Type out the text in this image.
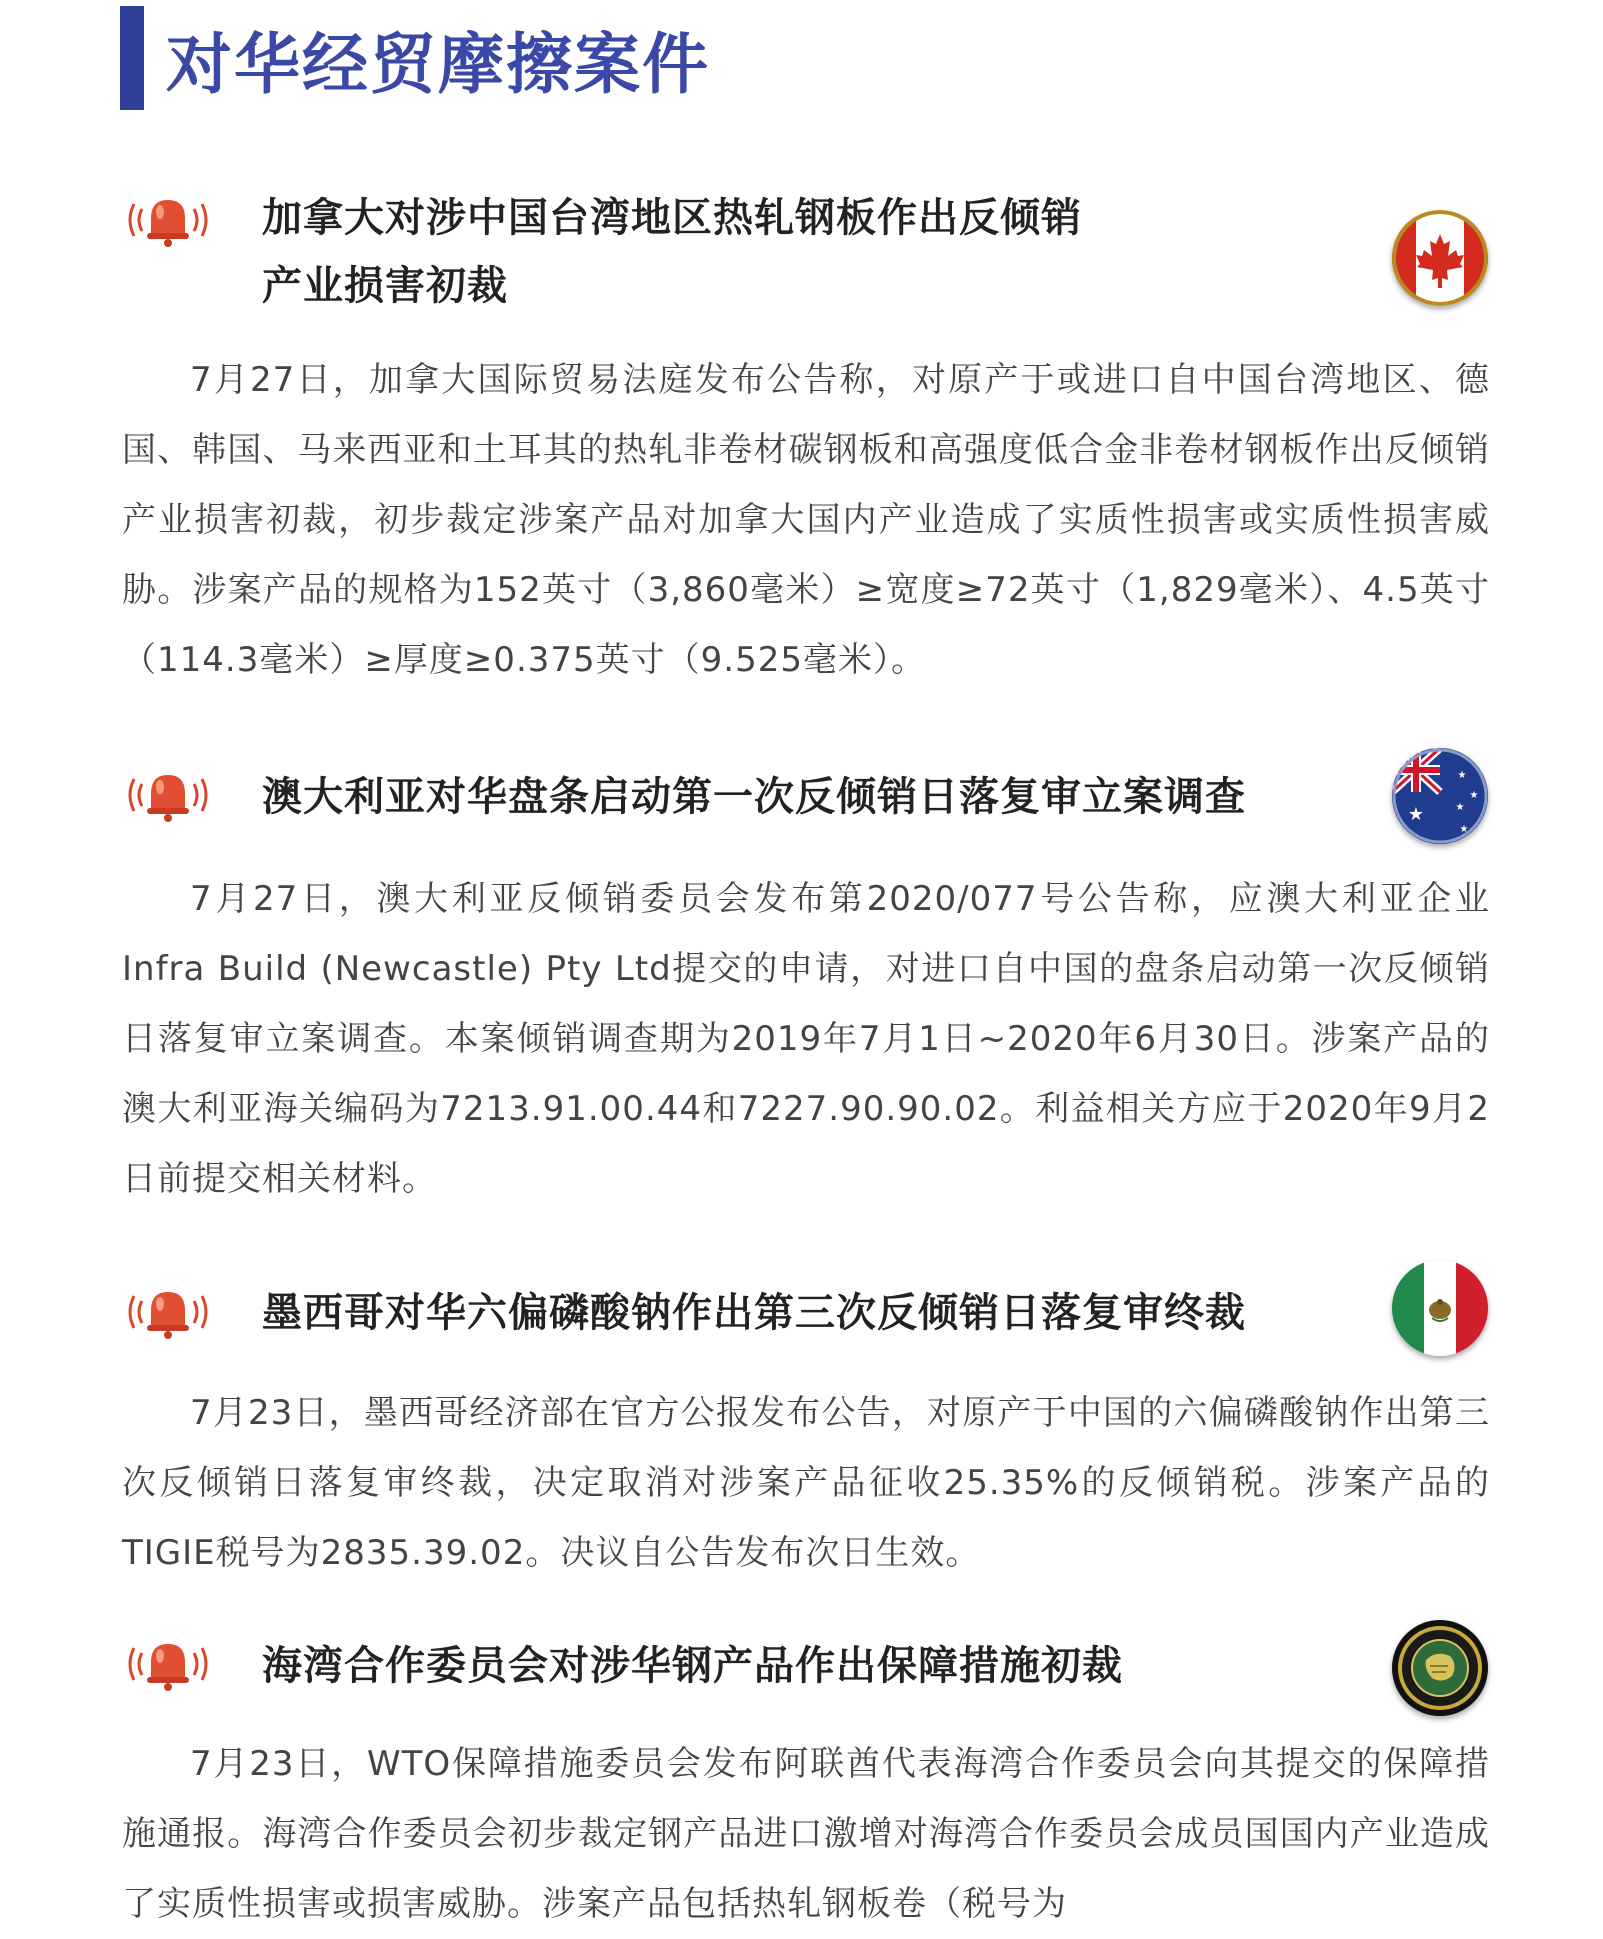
对华经贸摩擦案件
加拿大对涉中国台湾地区热轧钢板作出反倾销
产业损害初裁
7月27日，加拿大国际贸易法庭发布公告称，对原产于或进口自中国台湾地区、德国、韩国、马来西亚和土耳其的热轧非卷材碳钢板和高强度低合金非卷材钢板作出反倾销产业损害初裁，初步裁定涉案产品对加拿大国内产业造成了实质性损害或实质性损害威胁。涉案产品的规格为152英寸（3,860毫米）≥宽度≥72英寸（1,829毫米）、4.5英寸（114.3毫米）≥厚度≥0.375英寸（9.525毫米）。
澳大利亚对华盘条启动第一次反倾销日落复审立案调查	★
★
★
★
★
7月27日，澳大利亚反倾销委员会发布第2020/077号公告称，应澳大利亚企业Infra Build (Newcastle) Pty Ltd提交的申请，对进口自中国的盘条启动第一次反倾销日落复审立案调查。本案倾销调查期为2019年7月1日~2020年6月30日。涉案产品的澳大利亚海关编码为7213.91.00.44和7227.90.90.02。利益相关方应于2020年9月2日前提交相关材料。
墨西哥对华六偏磷酸钠作出第三次反倾销日落复审终裁
7月23日，墨西哥经济部在官方公报发布公告，对原产于中国的六偏磷酸钠作出第三次反倾销日落复审终裁，决定取消对涉案产品征收25.35%的反倾销税。涉案产品的TIGIE税号为2835.39.02。决议自公告发布次日生效。
海湾合作委员会对涉华钢产品作出保障措施初裁
7月23日，WTO保障措施委员会发布阿联酋代表海湾合作委员会向其提交的保障措施通报。海湾合作委员会初步裁定钢产品进口激增对海湾合作委员会成员国国内产业造成了实质性损害或损害威胁。涉案产品包括热轧钢板卷（税号为
